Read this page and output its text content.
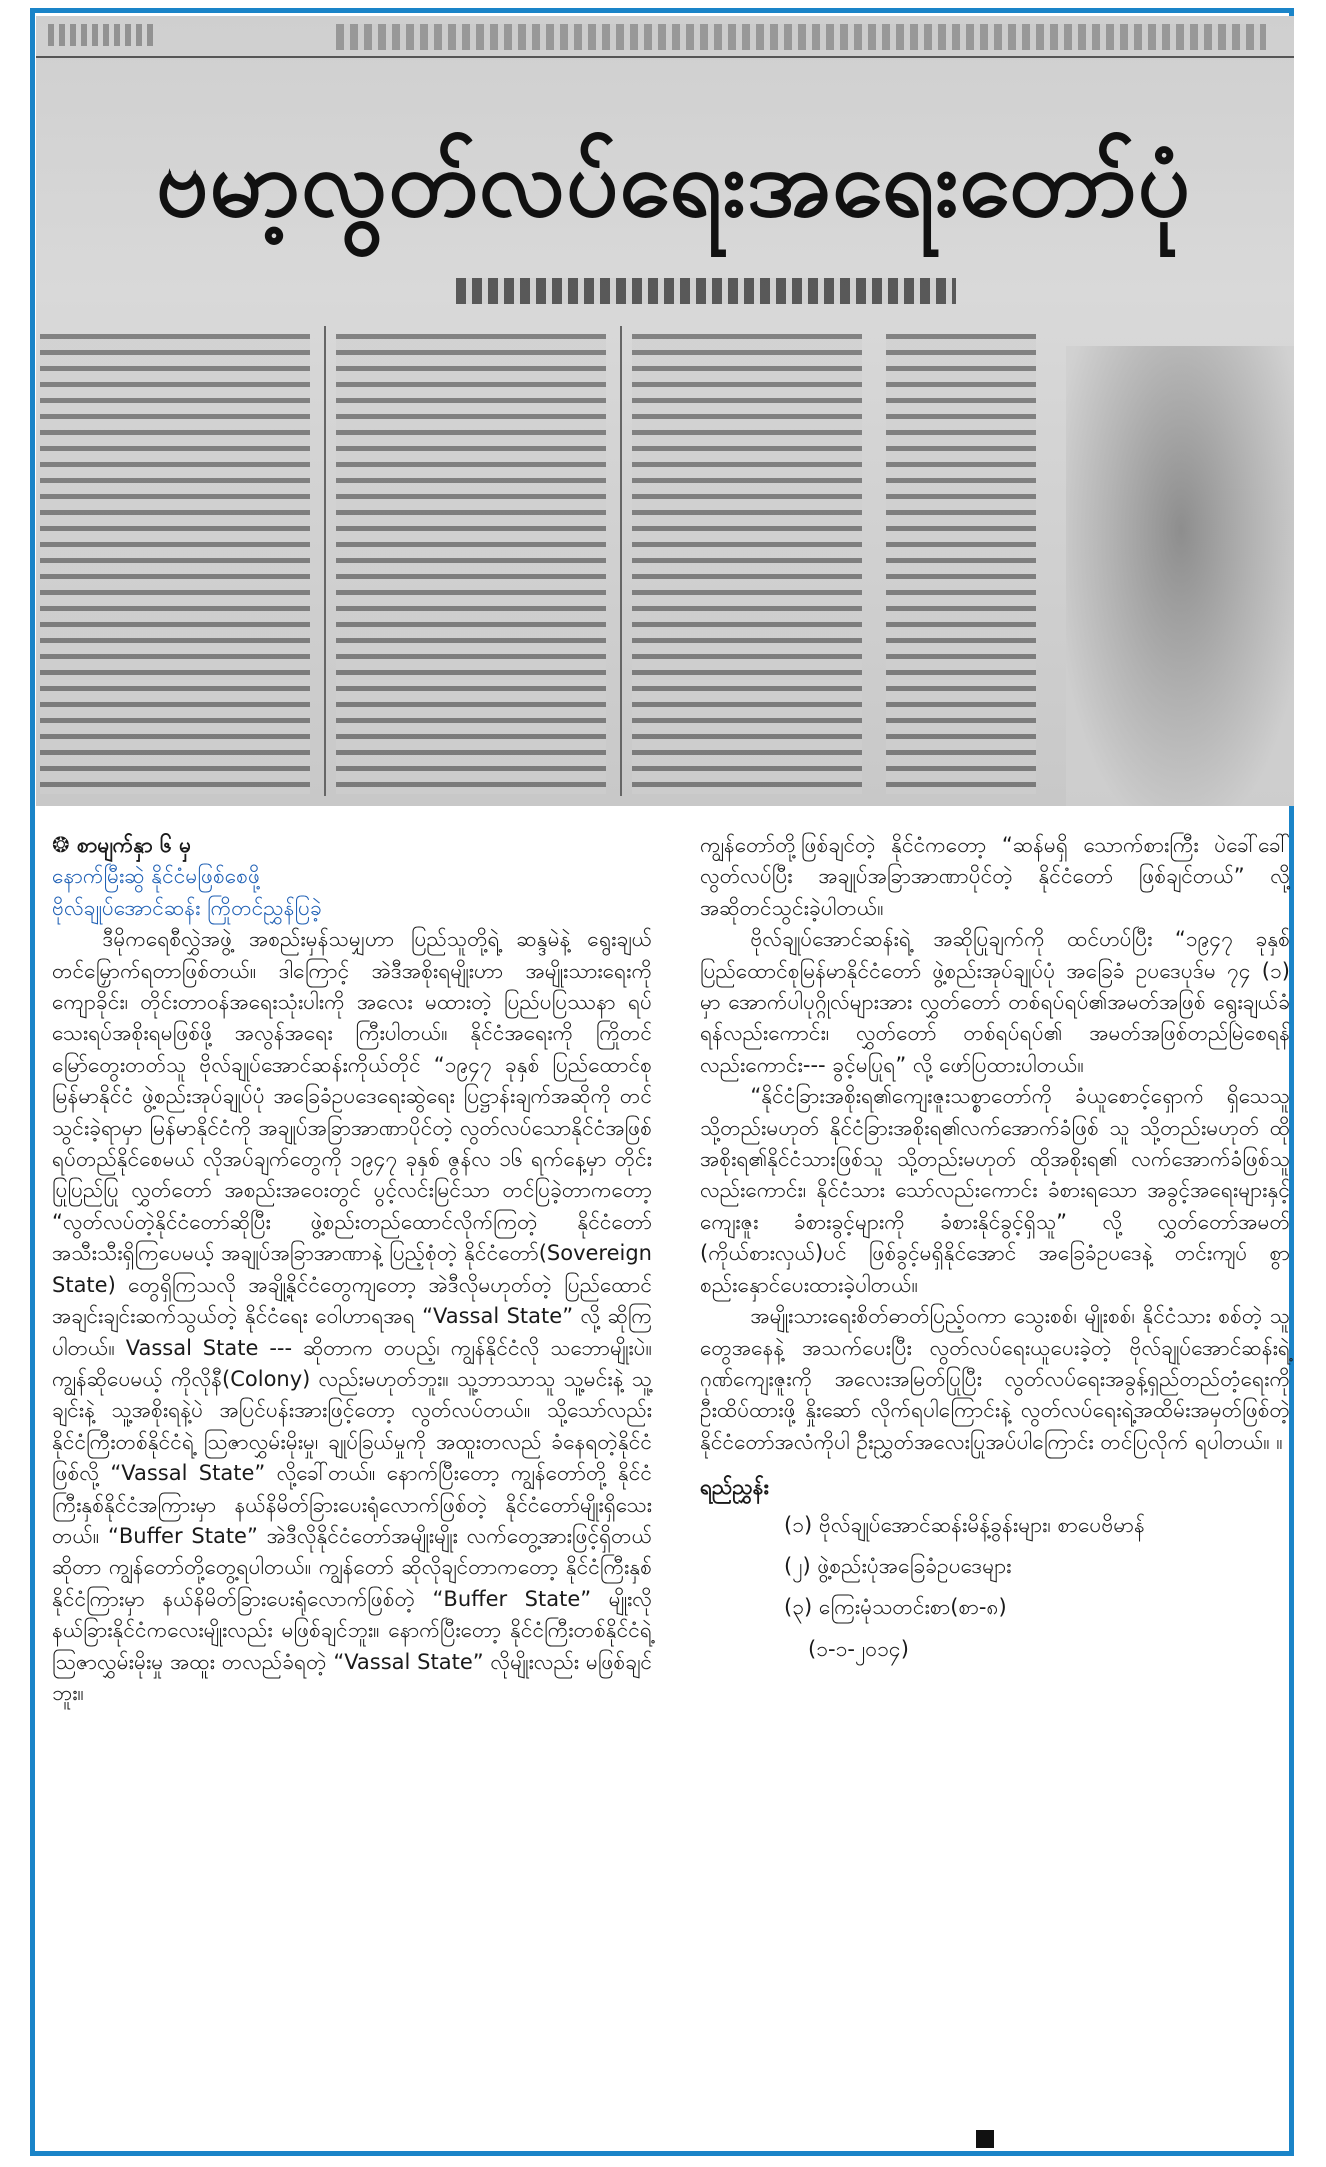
ဗမာ့လွတ်လပ်ရေးအရေးတော်ပုံ

❂ စာမျက်နှာ ၆ မှ

နောက်မြီးဆွဲ နိုင်ငံမဖြစ်စေဖို့

ဗိုလ်ချုပ်အောင်ဆန်း ကြိုတင်ညွှန်ပြခဲ့

ဒီမိုကရေစီလွှဲအဖွဲ့ အစည်းမှန်သမျှဟာ ပြည်သူတို့ရဲ့ ဆန္ဒမဲနဲ့ ရွေးချယ်တင်မြှောက်ရတာဖြစ်တယ်။ ဒါကြောင့် အဲဒီအစိုးရမျိုးဟာ အမျိုးသားရေးကို ကျောခိုင်း၊ တိုင်းတာဝန်အရေးသုံးပါးကို အလေး မထားတဲ့ ပြည်ပပြဿနာ ရပ်သေးရပ်အစိုးရမဖြစ်ဖို့ အလွန်အရေး ကြီးပါတယ်။ နိုင်ငံအရေးကို ကြိုတင်မြော်တွေးတတ်သူ ဗိုလ်ချုပ်အောင်ဆန်းကိုယ်တိုင် “၁၉၄၇ ခုနှစ် ပြည်ထောင်စုမြန်မာနိုင်ငံ ဖွဲ့စည်းအုပ်ချုပ်ပုံ အခြေခံဥပဒေရေးဆွဲရေး ပြဋ္ဌာန်းချက်အဆိုကို တင်သွင်းခဲ့ရာမှာ မြန်မာနိုင်ငံကို အချုပ်အခြာအာဏာပိုင်တဲ့ လွတ်လပ်သောနိုင်ငံအဖြစ် ရပ်တည်နိုင်စေမယ် လိုအပ်ချက်တွေကို ၁၉၄၇ ခုနှစ် ဇွန်လ ၁၆ ရက်နေ့မှာ တိုင်းပြုပြည်ပြု လွှတ်တော် အစည်းအဝေးတွင် ပွင့်လင်းမြင်သာ တင်ပြခဲ့တာကတော့ “လွတ်လပ်တဲ့နိုင်ငံတော်ဆိုပြီး ဖွဲ့စည်းတည်ထောင်လိုက်ကြတဲ့ နိုင်ငံတော် အသီးသီးရှိကြပေမယ့် အချုပ်အခြာအာဏာနဲ့ ပြည့်စုံတဲ့ နိုင်ငံတော်(Sovereign State) တွေရှိကြသလို အချို့နိုင်ငံတွေကျတော့ အဲဒီလိုမဟုတ်တဲ့ ပြည်ထောင်အချင်းချင်းဆက်သွယ်တဲ့ နိုင်ငံရေး ဝေါဟာရအရ “Vassal State” လို့ ဆိုကြပါတယ်။ Vassal State --- ဆိုတာက တပည့်၊ ကျွန်နိုင်ငံလို သဘောမျိုးပဲ။ ကျွန်ဆိုပေမယ့် ကိုလိုနီ(Colony) လည်းမဟုတ်ဘူး။ သူ့ဘာသာသူ သူ့မင်းနဲ့ သူ့ချင်းနဲ့ သူ့အစိုးရနဲ့ပဲ အပြင်ပန်းအားဖြင့်တော့ လွတ်လပ်တယ်။ သို့သော်လည်း နိုင်ငံကြီးတစ်နိုင်ငံရဲ့ ဩဇာလွှမ်းမိုးမှု၊ ချုပ်ခြယ်မှုကို အထူးတလည် ခံနေရတဲ့နိုင်ငံဖြစ်လို့ “Vassal State” လို့ခေါ်တယ်။ နောက်ပြီးတော့ ကျွန်တော်တို့ နိုင်ငံကြီးနှစ်နိုင်ငံအကြားမှာ နယ်နိမိတ်ခြားပေးရုံလောက်ဖြစ်တဲ့ နိုင်ငံတော်မျိုးရှိသေးတယ်။ “Buffer State” အဲဒီလိုနိုင်ငံတော်အမျိုးမျိုး လက်တွေ့အားဖြင့်ရှိတယ် ဆိုတာ ကျွန်တော်တို့တွေ့ရပါတယ်။ ကျွန်တော် ဆိုလိုချင်တာကတော့ နိုင်ငံကြီးနှစ်နိုင်ငံကြားမှာ နယ်နိမိတ်ခြားပေးရုံလောက်ဖြစ်တဲ့ “Buffer State” မျိုးလို နယ်ခြားနိုင်ငံကလေးမျိုးလည်း မဖြစ်ချင်ဘူး။ နောက်ပြီးတော့ နိုင်ငံကြီးတစ်နိုင်ငံရဲ့ ဩဇာလွှမ်းမိုးမှု အထူး တလည်ခံရတဲ့ “Vassal State” လိုမျိုးလည်း မဖြစ်ချင်ဘူး။

ကျွန်တော်တို့ဖြစ်ချင်တဲ့ နိုင်ငံကတော့ “ဆန်မရှိ သောက်စားကြီး ပဲခေါ်ခေါ် လွတ်လပ်ပြီး အချုပ်အခြာအာဏာပိုင်တဲ့ နိုင်ငံတော် ဖြစ်ချင်တယ်” လို့ အဆိုတင်သွင်းခဲ့ပါတယ်။

ဗိုလ်ချုပ်အောင်ဆန်းရဲ့ အဆိုပြုချက်ကို ထင်ဟပ်ပြီး “၁၉၄၇ ခုနှစ် ပြည်ထောင်စုမြန်မာနိုင်ငံတော် ဖွဲ့စည်းအုပ်ချုပ်ပုံ အခြေခံ ဥပဒေပုဒ်မ ၇၄ (၁) မှာ အောက်ပါပုဂ္ဂိုလ်များအား လွှတ်တော် တစ်ရပ်ရပ်၏အမတ်အဖြစ် ရွေးချယ်ခံရန်လည်းကောင်း၊ လွှတ်တော် တစ်ရပ်ရပ်၏ အမတ်အဖြစ်တည်မြဲစေရန် လည်းကောင်း--- ခွင့်မပြုရ” လို့ ဖော်ပြထားပါတယ်။

“နိုင်ငံခြားအစိုးရ၏ကျေးဇူးသစ္စာတော်ကို ခံယူစောင့်ရှောက် ရှိသေသူ သို့တည်းမဟုတ် နိုင်ငံခြားအစိုးရ၏လက်အောက်ခံဖြစ် သူ သို့တည်းမဟုတ် ထိုအစိုးရ၏နိုင်ငံသားဖြစ်သူ သို့တည်းမဟုတ် ထိုအစိုးရ၏ လက်အောက်ခံဖြစ်သူလည်းကောင်း၊ နိုင်ငံသား သော်လည်းကောင်း ခံစားရသော အခွင့်အရေးများနှင့် ကျေးဇူး ခံစားခွင့်များကို ခံစားနိုင်ခွင့်ရှိသူ” လို့ လွှတ်တော်အမတ် (ကိုယ်စားလှယ်)ပင် ဖြစ်ခွင့်မရှိနိုင်အောင် အခြေခံဥပဒေနဲ့ တင်းကျပ် စွာ စည်းနှောင်ပေးထားခဲ့ပါတယ်။

အမျိုးသားရေးစိတ်ဓာတ်ပြည့်ဝကာ သွေးစစ်၊ မျိုးစစ်၊ နိုင်ငံသား စစ်တဲ့ သူတွေအနေနဲ့ အသက်ပေးပြီး လွတ်လပ်ရေးယူပေးခဲ့တဲ့ ဗိုလ်ချုပ်အောင်ဆန်းရဲ့ ဂုဏ်ကျေးဇူးကို အလေးအမြတ်ပြုပြီး လွတ်လပ်ရေးအခွန့်ရှည်တည်တံ့ရေးကို ဦးထိပ်ထားဖို့ နှိုးဆော် လိုက်ရပါကြောင်းနဲ့ လွတ်လပ်ရေးရဲ့အထိမ်းအမှတ်ဖြစ်တဲ့ နိုင်ငံတော်အလံကိုပါ ဦးညွှတ်အလေးပြုအပ်ပါကြောင်း တင်ပြလိုက် ရပါတယ်။ ။

ရည်ညွှန်း

(၁) ဗိုလ်ချုပ်အောင်ဆန်းမိန့်ခွန်းများ၊ စာပေဗိမာန်
(၂) ဖွဲ့စည်းပုံအခြေခံဥပဒေများ
(၃) ကြေးမုံသတင်းစာ(စာ-၈)
(၁-၁-၂၀၁၄)
